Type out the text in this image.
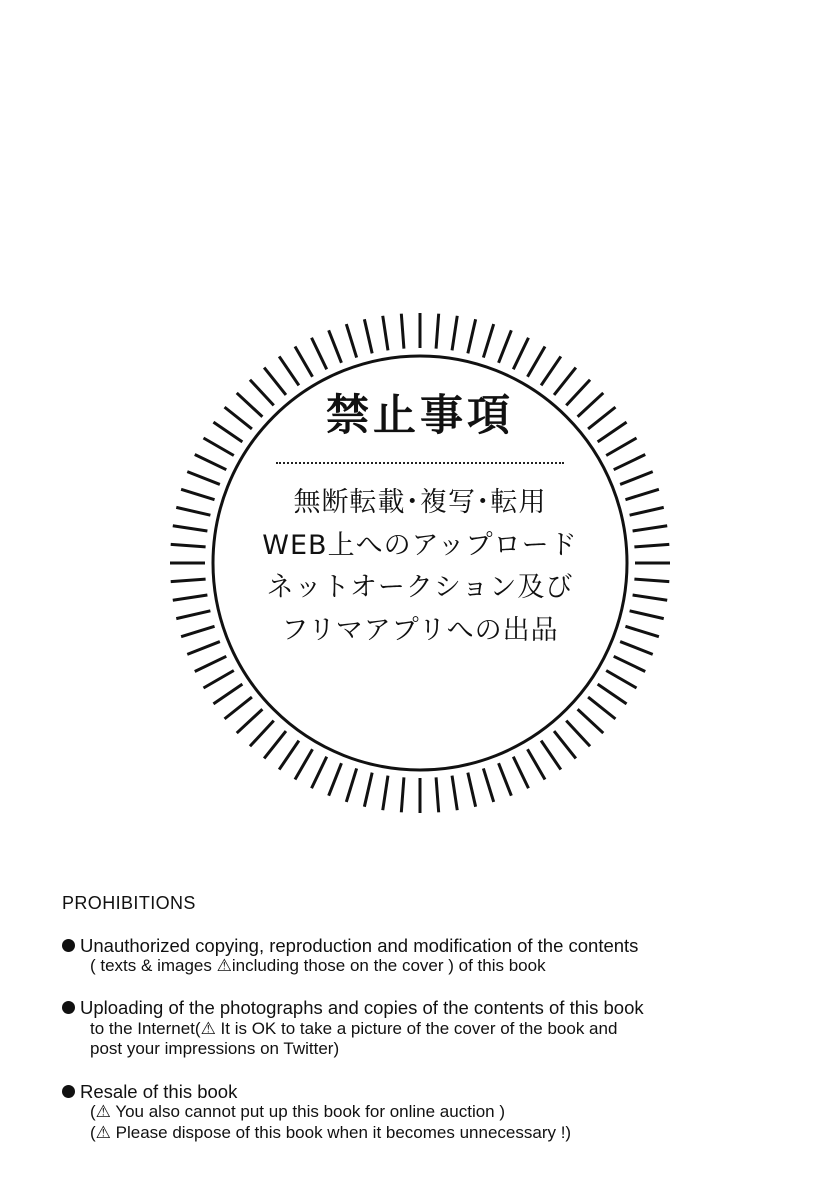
禁止事項
無断転載･複写･転用
WEB上へのアップロード
ネットオークション及び
フリマアプリへの出品
PROHIBITIONS
Unauthorized copying, reproduction and modification of the contents
( texts & images ⚠including those on the cover ) of this book
Uploading of the photographs and copies of the contents of this book
to the Internet(⚠ It is OK to take a picture of the cover of the book and
post your impressions on Twitter)
Resale of this book
(⚠ You also cannot put up this book for online auction )
(⚠ Please dispose of this book when it becomes unnecessary !)
